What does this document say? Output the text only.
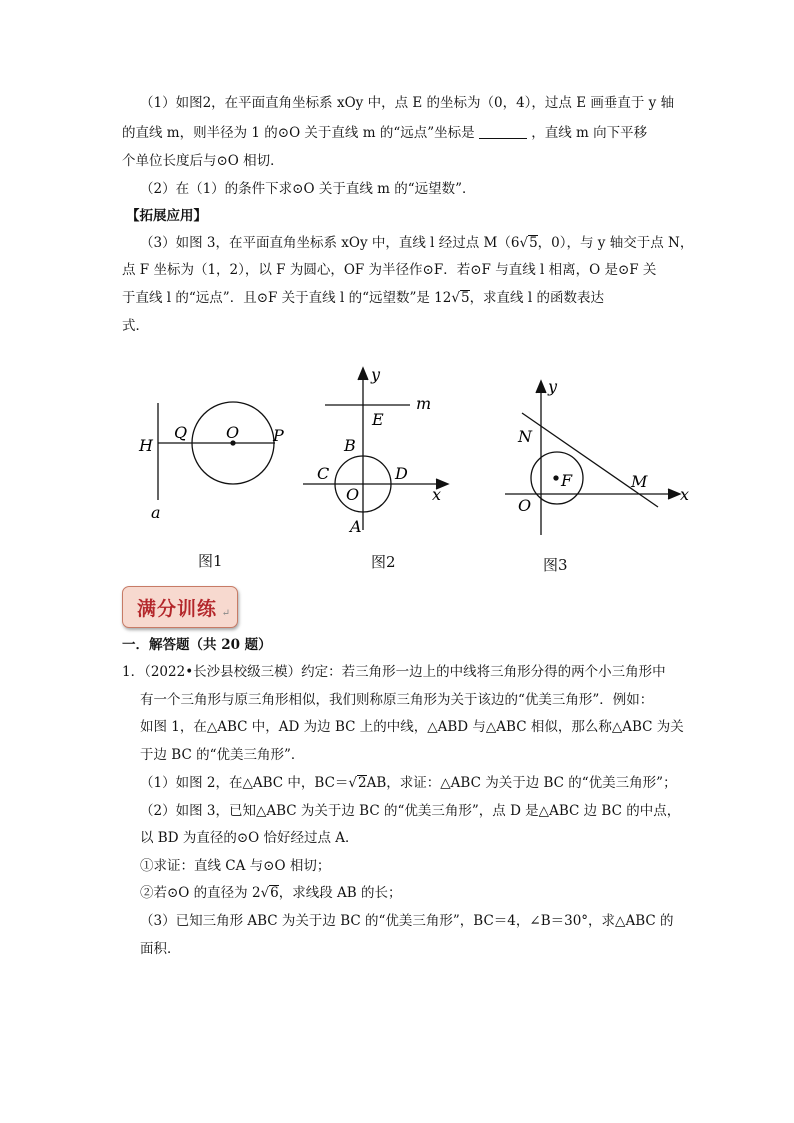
（1）如图2，在平面直角坐标系 xOy 中，点 E 的坐标为（0，4），过点 E 画垂直于 y 轴
的直线 m，则半径为 1 的⊙O 关于直线 m 的“远点”坐标是	，直线 m 向下平移
个单位长度后与⊙O 相切．
（2）在（1）的条件下求⊙O 关于直线 m 的“远望数”．
【拓展应用】
（3）如图 3，在平面直角坐标系 xOy 中，直线 l 经过点 M（6√5，0），与 y 轴交于点 N，
点 F 坐标为（1，2），以 F 为圆心，OF 为半径作⊙F．若⊙F 与直线 l 相离，O 是⊙F 关
于直线 l 的“远点”．且⊙F 关于直线 l 的“远望数”是 12√5，求直线 l 的函数表达
式．
H
Q O P
a
y
m
E
B
C	D
O	x
A
y
N
F	M
O
x
图1	图2	图3
满分训练 ↵
一．解答题（共 20 题）
1．（2022•长沙县校级三模）约定：若三角形一边上的中线将三角形分得的两个小三角形中
有一个三角形与原三角形相似，我们则称原三角形为关于该边的“优美三角形”．例如：
如图 1，在△ABC 中，AD 为边 BC 上的中线，△ABD 与△ABC 相似，那么称△ABC 为关
于边 BC 的“优美三角形”．
（1）如图 2，在△ABC 中，BC＝√2AB，求证：△ABC 为关于边 BC 的“优美三角形”；
（2）如图 3，已知△ABC 为关于边 BC 的“优美三角形”，点 D 是△ABC 边 BC 的中点，
以 BD 为直径的⊙O 恰好经过点 A．
①求证：直线 CA 与⊙O 相切；
②若⊙O 的直径为 2√6，求线段 AB 的长；
（3）已知三角形 ABC 为关于边 BC 的“优美三角形”，BC＝4，∠B＝30°，求△ABC 的
面积．
